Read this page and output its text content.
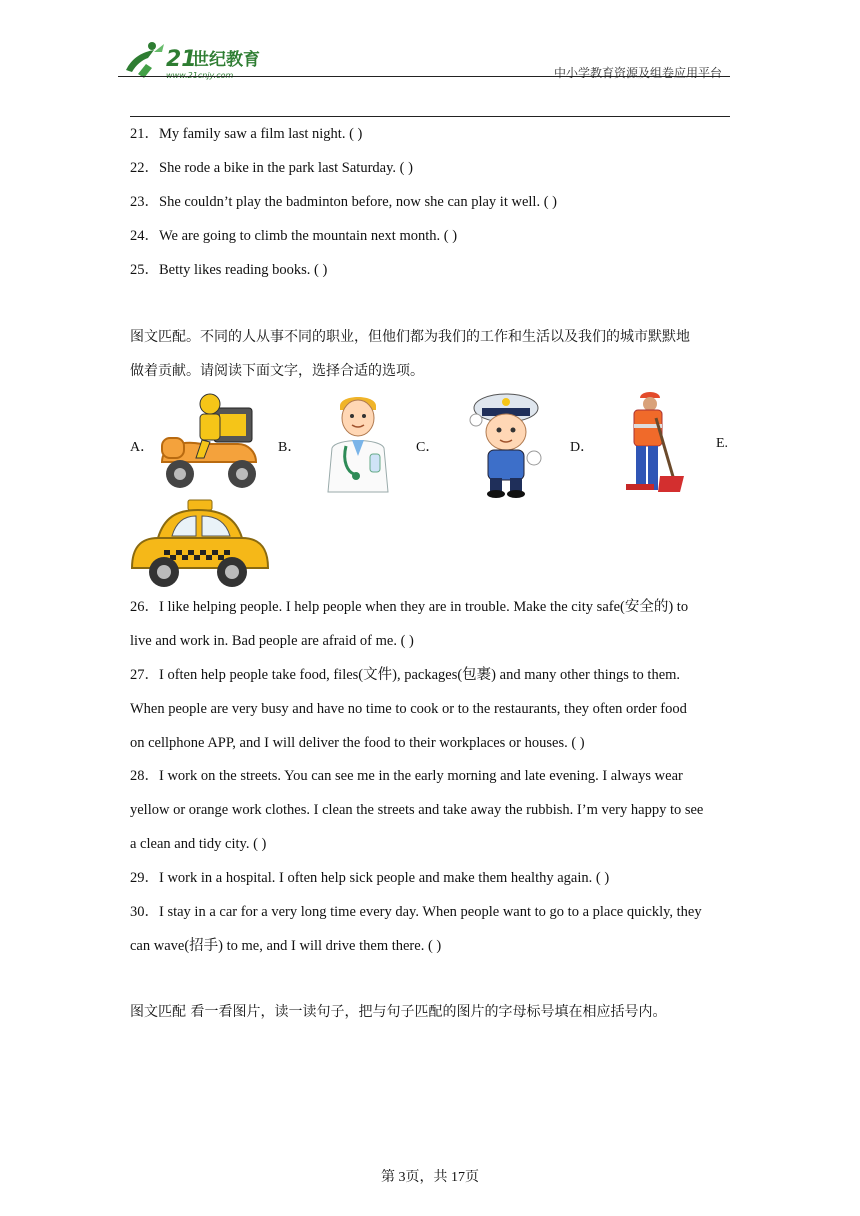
21
世纪教育
www.21cnjy.com	中小学教育资源及组卷应用平台
21．My family saw a film last night. ( )
22．She rode a bike in the park last Saturday. ( )
23．She couldn’t play the badminton before, now she can play it well. ( )
24．We are going to climb the mountain next month. ( )
25．Betty likes reading books. ( )
图文匹配。不同的人从事不同的职业，但他们都为我们的工作和生活以及我们的城市默默地
做着贡献。请阅读下面文字，选择合适的选项。
A．	B．	C．	D．	E.
26．I like helping people. I help people when they are in trouble. Make the city safe(安全的) to
live and work in. Bad people are afraid of me. ( )
27．I often help people take food, files(文件), packages(包裹) and many other things to them.
When people are very busy and have no time to cook or to the restaurants, they often order food
on cellphone APP, and I will deliver the food to their workplaces or houses. ( )
28．I work on the streets. You can see me in the early morning and late evening. I always wear
yellow or orange work clothes. I clean the streets and take away the rubbish. I’m very happy to see
a clean and tidy city. ( )
29．I work in a hospital. I often help sick people and make them healthy again. ( )
30．I stay in a car for a very long time every day. When people want to go to a place quickly, they
can wave(招手) to me, and I will drive them there. ( )
图文匹配 看一看图片，读一读句子，把与句子匹配的图片的字母标号填在相应括号内。
第 3页，共 17页
